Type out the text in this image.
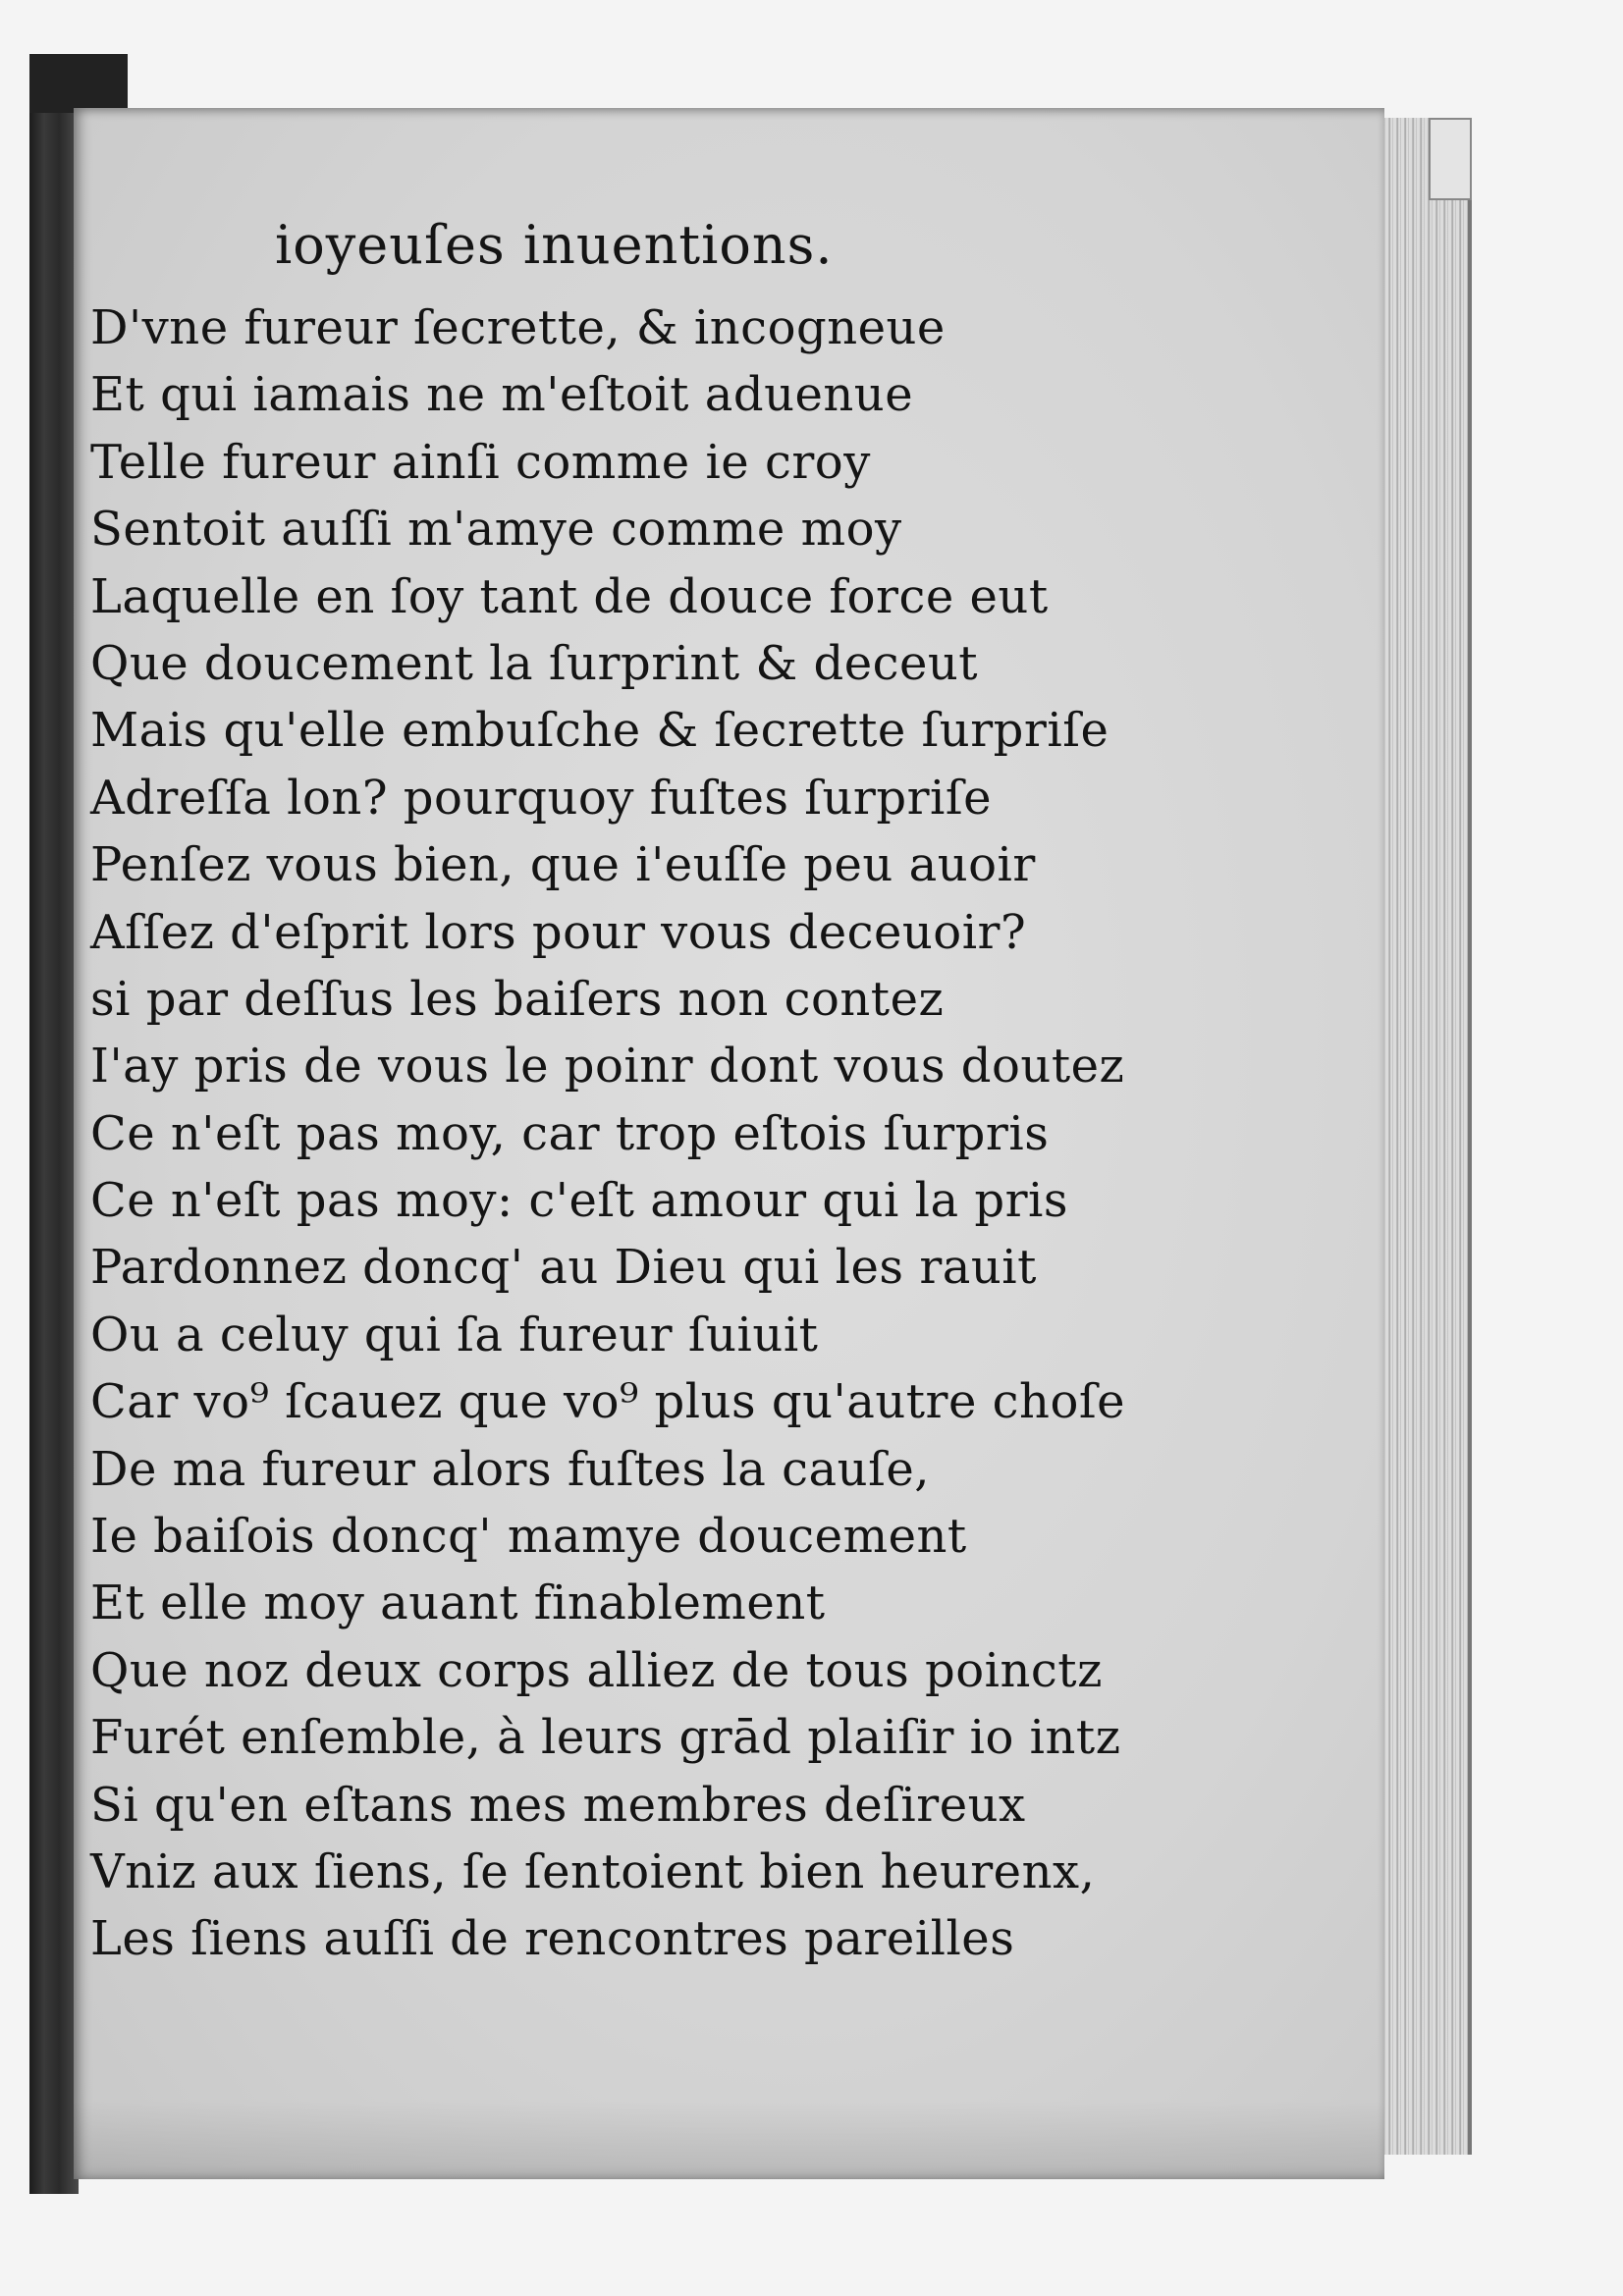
ioyeuſes inuentions.
D'vne fureur ſecrette, & incogneue
Et qui iamais ne m'eſtoit aduenue
Telle fureur ainſi comme ie croy
Sentoit auſſi m'amye comme moy
Laquelle en ſoy tant de douce force eut
Que doucement la ſurprint & deceut
Mais qu'elle embuſche & ſecrette ſurpriſe
Adreſſa lon? pourquoy fuſtes ſurpriſe
Penſez vous bien, que i'euſſe peu auoir
Aſſez d'eſprit lors pour vous deceuoir?
si par deſſus les baiſers non contez
I'ay pris de vous le poinr dont vous doutez
Ce n'eſt pas moy, car trop eſtois ſurpris
Ce n'eſt pas moy: c'eſt amour qui la pris
Pardonnez doncq' au Dieu qui les rauit
Ou a celuy qui ſa fureur ſuiuit
Car vo⁹ ſcauez que vo⁹ plus qu'autre choſe
De ma fureur alors fuſtes la cauſe,
Ie baiſois doncq' mamye doucement
Et elle moy auant finablement
Que noz deux corps alliez de tous poinctz
Furét enſemble, à leurs grād plaiſir io intz
Si qu'en eſtans mes membres deſireux
Vniz aux ſiens, ſe ſentoient bien heurenx,
Les ſiens auſſi de rencontres pareilles
